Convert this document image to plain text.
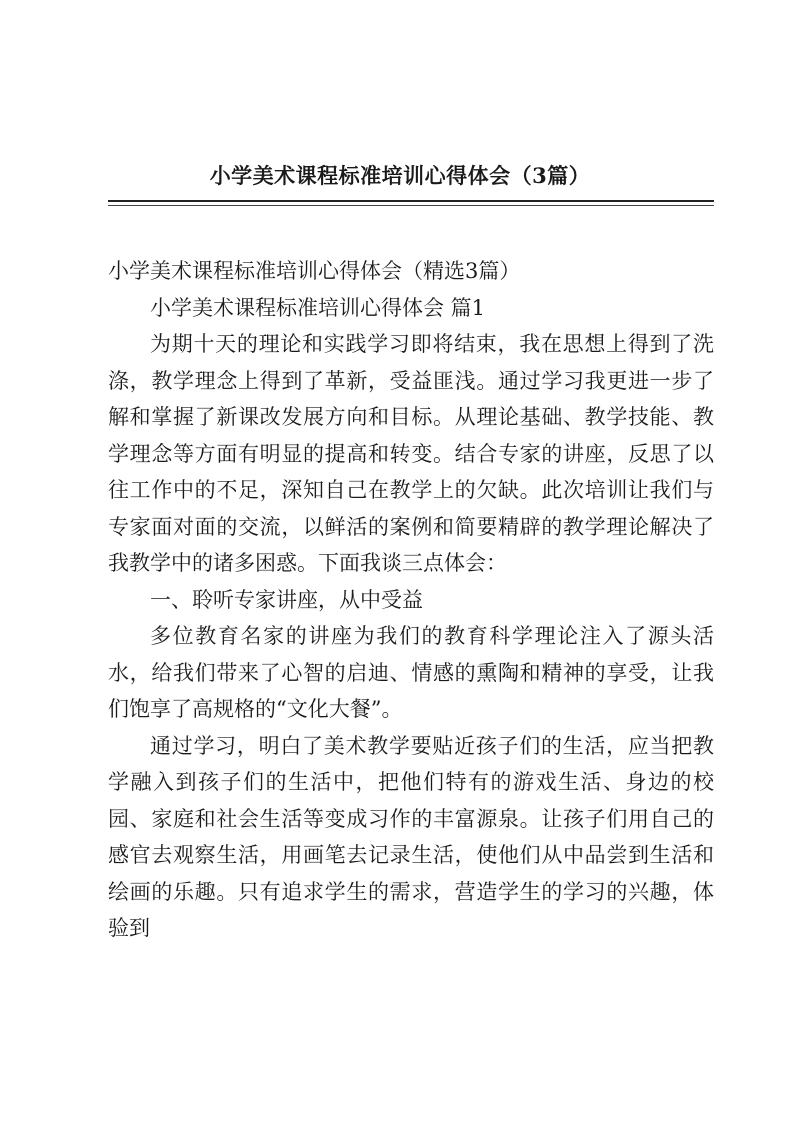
小学美术课程标准培训心得体会（3篇）

小学美术课程标准培训心得体会（精选3篇）

小学美术课程标准培训心得体会 篇1

为期十天的理论和实践学习即将结束，我在思想上得到了洗涤，教学理念上得到了革新，受益匪浅。通过学习我更进一步了解和掌握了新课改发展方向和目标。从理论基础、教学技能、教学理念等方面有明显的提高和转变。结合专家的讲座，反思了以往工作中的不足，深知自己在教学上的欠缺。此次培训让我们与专家面对面的交流，以鲜活的案例和简要精辟的教学理论解决了我教学中的诸多困惑。下面我谈三点体会：

一、聆听专家讲座，从中受益

多位教育名家的讲座为我们的教育科学理论注入了源头活水，给我们带来了心智的启迪、情感的熏陶和精神的享受，让我们饱享了高规格的“文化大餐”。

通过学习，明白了美术教学要贴近孩子们的生活，应当把教学融入到孩子们的生活中，把他们特有的游戏生活、身边的校园、家庭和社会生活等变成习作的丰富源泉。让孩子们用自己的感官去观察生活，用画笔去记录生活，使他们从中品尝到生活和绘画的乐趣。只有追求学生的需求，营造学生的学习的兴趣，体验到
